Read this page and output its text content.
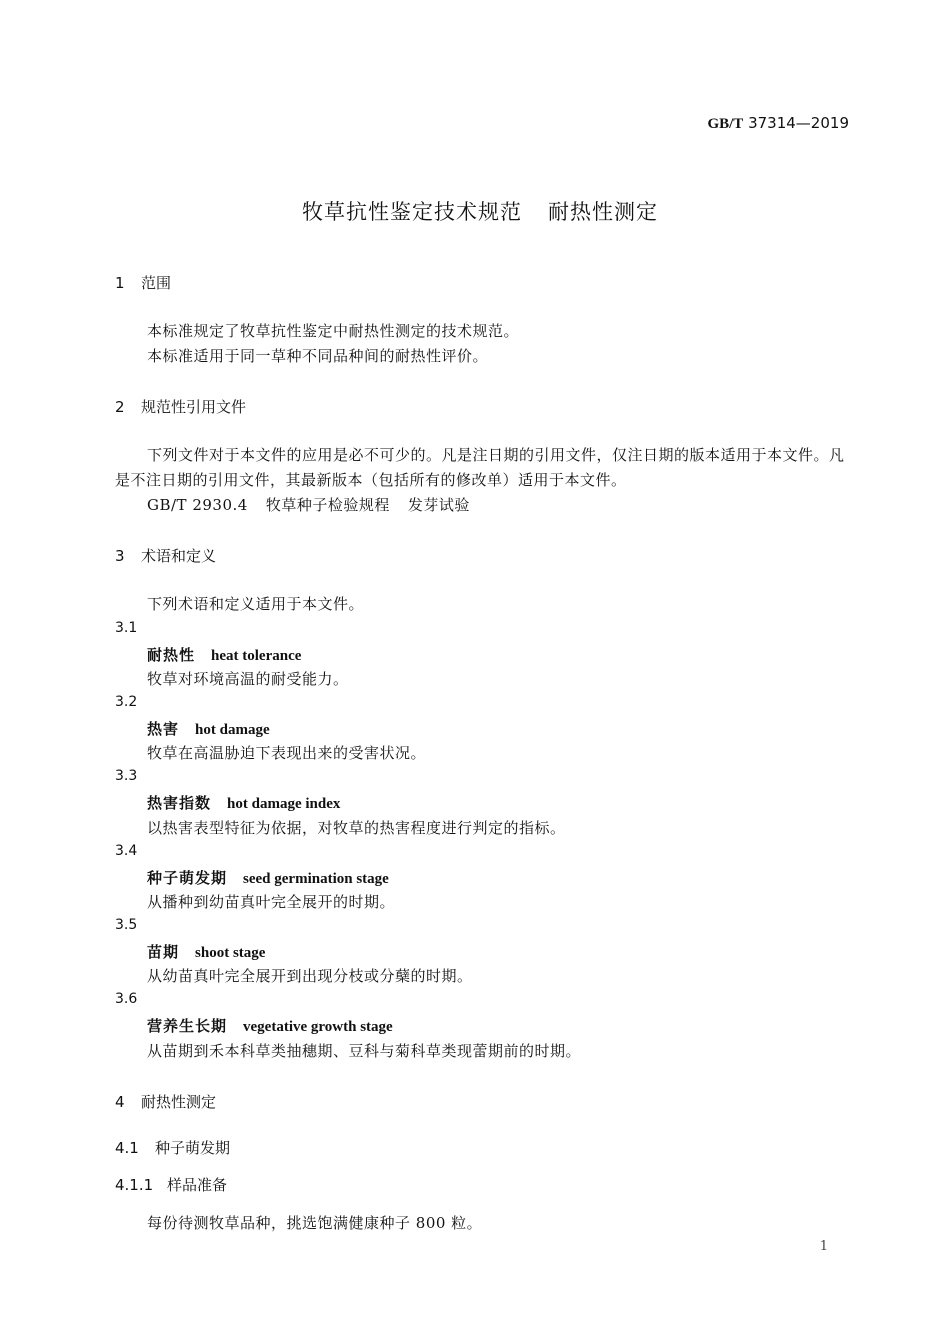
GB/T 37314—2019
牧草抗性鉴定技术规范 耐热性测定
1 范围
本标准规定了牧草抗性鉴定中耐热性测定的技术规范。
本标准适用于同一草种不同品种间的耐热性评价。
2 规范性引用文件

下列文件对于本文件的应用是必不可少的。凡是注日期的引用文件，仅注日期的版本适用于本文件。凡是不注日期的引用文件，其最新版本（包括所有的修改单）适用于本文件。

GB/T 2930.4 牧草种子检验规程 发芽试验
3 术语和定义
下列术语和定义适用于本文件。
3.1
耐热性 heat tolerance
牧草对环境高温的耐受能力。
3.2
热害 hot damage
牧草在高温胁迫下表现出来的受害状况。
3.3
热害指数 hot damage index
以热害表型特征为依据，对牧草的热害程度进行判定的指标。
3.4
种子萌发期 seed germination stage
从播种到幼苗真叶完全展开的时期。
3.5
苗期 shoot stage
从幼苗真叶完全展开到出现分枝或分蘖的时期。
3.6
营养生长期 vegetative growth stage
从苗期到禾本科草类抽穗期、豆科与菊科草类现蕾期前的时期。
4 耐热性测定
4.1 种子萌发期
4.1.1 样品准备
每份待测牧草品种，挑选饱满健康种子 800 粒。
1
